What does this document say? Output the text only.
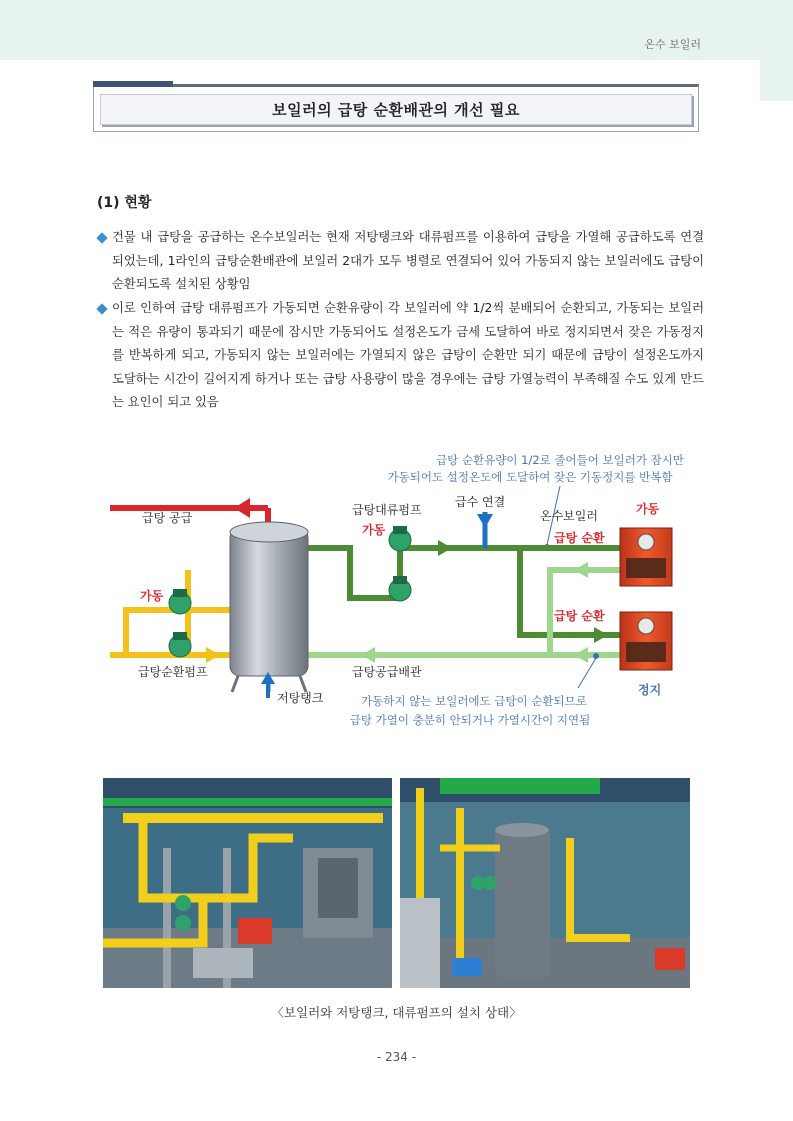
온수 보일러
보일러의 급탕 순환배관의 개선 필요
(1) 현황
건물 내 급탕을 공급하는 온수보일러는 현재 저탕탱크와 대류펌프를 이용하여 급탕을 가열해 공급하도록 연결되었는데, 1라인의 급탕순환배관에 보일러 2대가 모두 병렬로 연결되어 있어 가동되지 않는 보일러에도 급탕이 순환되도록 설치된 상황임
이로 인하여 급탕 대류펌프가 가동되면 순환유량이 각 보일러에 약 1/2씩 분배되어 순환되고, 가동되는 보일러는 적은 유량이 통과되기 때문에 잠시만 가동되어도 설정온도가 금세 도달하여 바로 정지되면서 잦은 가동정지를 반복하게 되고, 가동되지 않는 보일러에는 가열되지 않은 급탕이 순환만 되기 때문에 급탕이 설정온도까지 도달하는 시간이 길어지게 하거나 또는 급탕 사용량이 많을 경우에는 급탕 가열능력이 부족해질 수도 있게 만드는 요인이 되고 있음
급탕 순환유량이 1/2로 줄어들어 보일러가 잠시만
가동되어도 설정온도에 도달하여 잦은 기동정지를 반복함
급탕 공급
급수 연결
저탕탱크
급탕대류펌프
가동
가동
급탕순환펌프
온수보일러	가동
급탕 순환
급탕 순환
정지
급탕공급배관
가동하지 않는 보일러에도 급탕이 순환되므로
급탕 가열이 충분히 안되거나 가열시간이 지연됨
〈보일러와 저탕탱크, 대류펌프의 설치 상태〉
- 234 -
